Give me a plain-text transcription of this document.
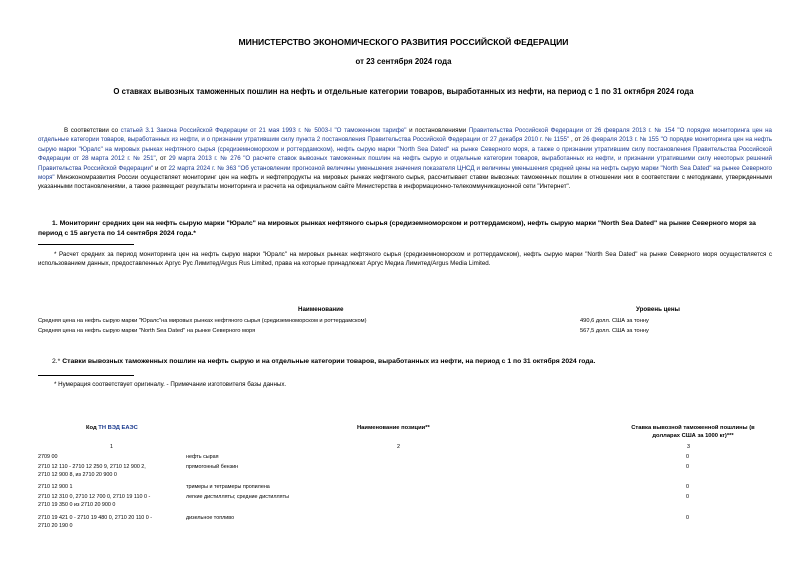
МИНИСТЕРСТВО ЭКОНОМИЧЕСКОГО РАЗВИТИЯ РОССИЙСКОЙ ФЕДЕРАЦИИ
от 23 сентября 2024 года
О ставках вывозных таможенных пошлин на нефть и отдельные категории товаров, выработанных из нефти, на период с 1 по 31 октября 2024 года
В соответствии со статьей 3.1 Закона Российской Федерации от 21 мая 1993 г. № 5003-I "О таможенном тарифе" и постановлениями Правительства Российской Федерации от 26 февраля 2013 г. № 154 "О порядке мониторинга цен на отдельные категории товаров, выработанных из нефти, и о признании утратившим силу пункта 2 постановления Правительства Российской Федерации от 27 декабря 2010 г. № 1155" , от 26 февраля 2013 г. № 155 "О порядке мониторинга цен на нефть сырую марки "Юралс" на мировых рынках нефтяного сырья (средиземноморском и роттердамском), нефть сырую марки "North Sea Dated" на рынке Северного моря, а также о признании утратившим силу постановления Правительства Российской Федерации от 28 марта 2012 г. № 251", от 29 марта 2013 г. № 276 "О расчете ставок вывозных таможенных пошлин на нефть сырую и отдельные категории товаров, выработанных из нефти, и признании утратившими силу некоторых решений Правительства Российской Федерации" и от 22 марта 2024 г. № 363 "Об установлении прогнозной величины уменьшения значения показателя ЦНСД и величины уменьшения средней цены на нефть сырую марки "North Sea Dated" на рынке Северного моря" Минэкономразвития России осуществляет мониторинг цен на нефть и нефтепродукты на мировых рынках нефтяного сырья, рассчитывает ставки вывозных таможенных пошлин в отношении них в соответствии с методиками, утвержденными указанными постановлениями, а также размещает результаты мониторинга и расчета на официальном сайте Министерства в информационно-телекоммуникационной сети "Интернет".
1. Мониторинг средних цен на нефть сырую марки "Юралс" на мировых рынках нефтяного сырья (средиземноморском и роттердамском), нефть сырую марки "North Sea Dated" на рынке Северного моря за период с 15 августа по 14 сентября 2024 года.*
* Расчет средних за период мониторинга цен на нефть сырую марки "Юралс" на мировых рынках нефтяного сырья (средиземноморском и роттердамском), нефть сырую марки "North Sea Dated" на рынке Северного моря осуществляется с использованием данных, предоставленных Аргус Рус Лимитед/Argus Rus Limited, права на которые принадлежат Аргус Медиа Лимитед/Argus Media Limited.
Наименование	Уровень цены
Средняя цена на нефть сырую марки "Юралс"на мировых рынках нефтяного сырья (средиземноморском и роттердамском)	490,6 долл. США за тонну
Средняя цена на нефть сырую марки "North Sea Dated" на рынке Северного моря	567,5 долл. США за тонну
2.* Ставки вывозных таможенных пошлин на нефть сырую и на отдельные категории товаров, выработанных из нефти, на период с 1 по 31 октября 2024 года.
* Нумерация соответствует оригиналу. - Примечание изготовителя базы данных.
Код ТН ВЭД ЕАЭС	Наименование позиции**	Ставка вывозной таможенной пошлины (в
долларах США за 1000 кг)***
1	2	3
2709 00	нефть сырая	0
2710 12 110 - 2710 12 250 9, 2710 12 900 2,
2710 12 900 8, из 2710 20 900 0
прямогонный бензин	0
2710 12 900 1	тримеры и тетрамеры пропилена	0
2710 12 310 0, 2710 12 700 0, 2710 19 110 0 -
2710 19 350 0 из 2710 20 900 0
легкие дистилляты; средние дистилляты	0
2710 19 421 0 - 2710 19 480 0, 2710 20 110 0 -
2710 20 190 0
дизельное топливо	0
